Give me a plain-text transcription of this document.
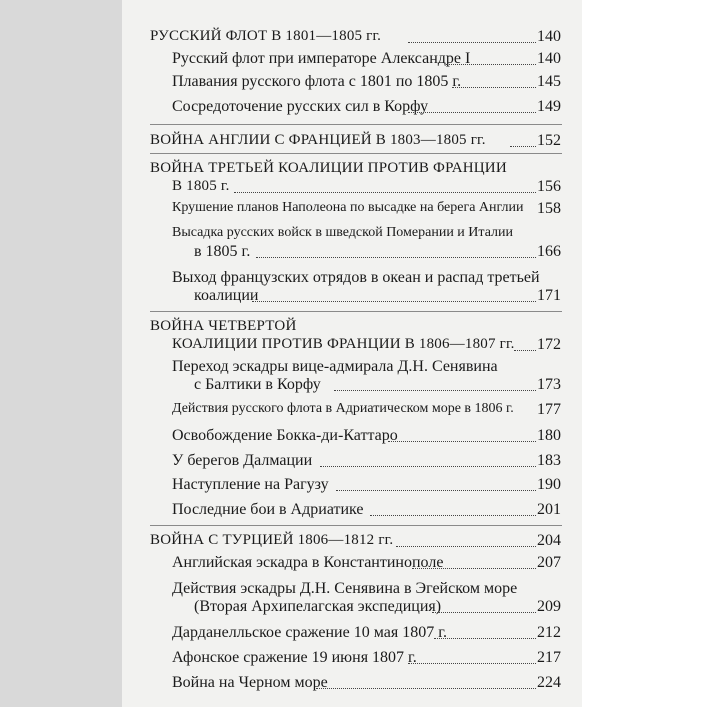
РУССКИЙ ФЛОТ В 1801—1805 гг.	140
Русский флот при императоре Александре I	140
Плавания русского флота с 1801 по 1805 г.	145
Сосредоточение русских сил в Корфу	149
ВОЙНА АНГЛИИ С ФРАНЦИЕЙ В 1803—1805 гг.	152
ВОЙНА ТРЕТЬЕЙ КОАЛИЦИИ ПРОТИВ ФРАНЦИИ
В 1805 г.	156
Крушение планов Наполеона по высадке на берега Англии 158
Высадка русских войск в шведской Померании и Италии
в 1805 г.	166
Выход французских отрядов в океан и распад третьей
коалиции	171
ВОЙНА ЧЕТВЕРТОЙ
КОАЛИЦИИ ПРОТИВ ФРАНЦИИ В 1806—1807 гг. 172
Переход эскадры вице-адмирала Д.Н. Сенявина
с Балтики в Корфу	173
Действия русского флота в Адриатическом море в 1806 г. 177
Освобождение Бокка-ди-Каттаро	180
У берегов Далмации	183
Наступление на Рагузу	190
Последние бои в Адриатике	201
ВОЙНА С ТУРЦИЕЙ 1806—1812 гг.	204
Английская эскадра в Константинополе	207
Действия эскадры Д.Н. Сенявина в Эгейском море
(Вторая Архипелагская экспедиция)	209
Дарданелльское сражение 10 мая 1807 г.	212
Афонское сражение 19 июня 1807 г.	217
Война на Черном море	224
